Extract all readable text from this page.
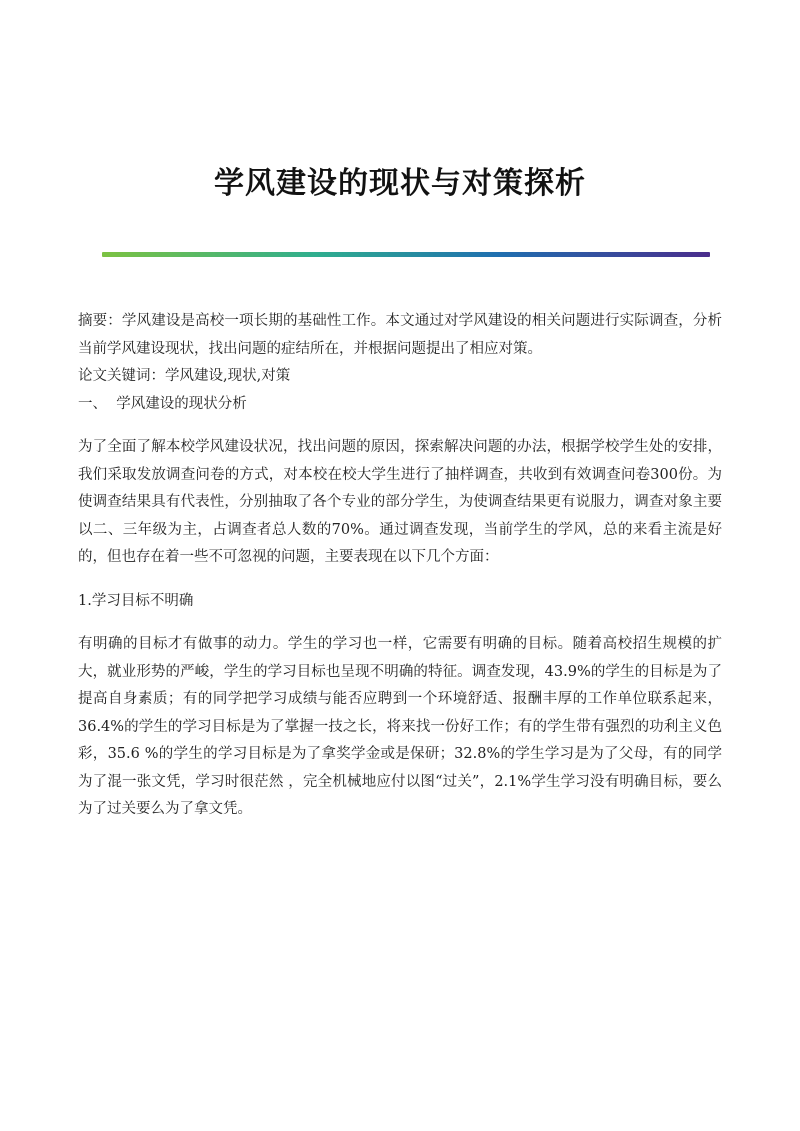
学风建设的现状与对策探析

摘要：学风建设是高校一项长期的基础性工作。本文通过对学风建设的相关问题进行实际调查，分析当前学风建设现状，找出问题的症结所在，并根据问题提出了相应对策。

论文关键词：学风建设,现状,对策

一、  学风建设的现状分析

为了全面了解本校学风建设状况，找出问题的原因，探索解决问题的办法，根据学校学生处的安排，我们采取发放调查问卷的方式，对本校在校大学生进行了抽样调查，共收到有效调查问卷300份。为使调查结果具有代表性，分别抽取了各个专业的部分学生，为使调查结果更有说服力，调查对象主要以二、三年级为主，占调查者总人数的70%。通过调查发现，当前学生的学风，总的来看主流是好的，但也存在着一些不可忽视的问题，主要表现在以下几个方面：

1.学习目标不明确

有明确的目标才有做事的动力。学生的学习也一样，它需要有明确的目标。随着高校招生规模的扩大，就业形势的严峻，学生的学习目标也呈现不明确的特征。调查发现，43.9%的学生的目标是为了提高自身素质；有的同学把学习成绩与能否应聘到一个环境舒适、报酬丰厚的工作单位联系起来，36.4%的学生的学习目标是为了掌握一技之长，将来找一份好工作；有的学生带有强烈的功利主义色彩，35.6 %的学生的学习目标是为了拿奖学金或是保研；32.8%的学生学习是为了父母，有的同学为了混一张文凭，学习时很茫然 ，完全机械地应付以图“过关”，2.1%学生学习没有明确目标，要么为了过关要么为了拿文凭。
